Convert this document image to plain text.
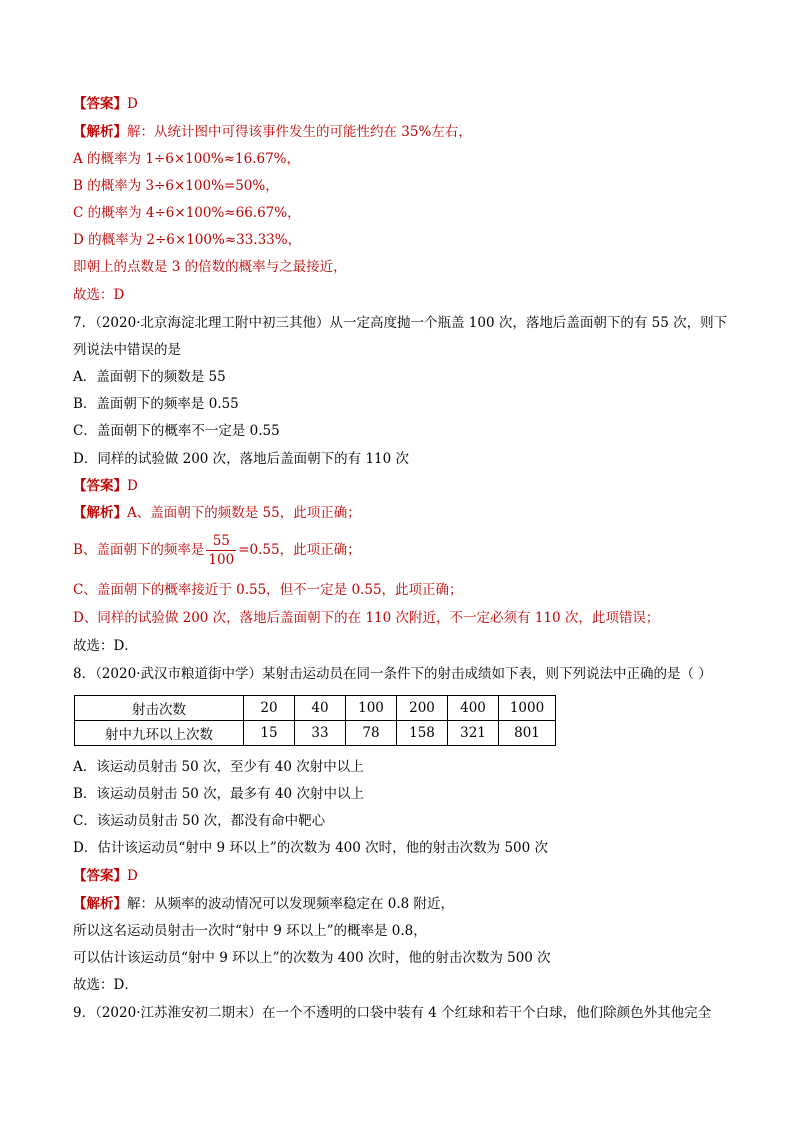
【答案】D
【解析】解：从统计图中可得该事件发生的可能性约在 35%左右，
A 的概率为 1÷6×100%≈16.67%，
B 的概率为 3÷6×100%=50%，
C 的概率为 4÷6×100%≈66.67%，
D 的概率为 2÷6×100%≈33.33%，
即朝上的点数是 3 的倍数的概率与之最接近，
故选：D
7．（2020·北京海淀北理工附中初三其他）从一定高度抛一个瓶盖 100 次，落地后盖面朝下的有 55 次，则下
列说法中错误的是
A．盖面朝下的频数是 55
B．盖面朝下的频率是 0.55
C．盖面朝下的概率不一定是 0.55
D．同样的试验做 200 次，落地后盖面朝下的有 110 次
【答案】D
【解析】A、盖面朝下的频数是 55，此项正确；
B、盖面朝下的频率是 $\frac{55}{100} =0.55$，此项正确；
C、盖面朝下的概率接近于 0.55，但不一定是 0.55，此项正确；
D、同样的试验做 200 次，落地后盖面朝下的在 110 次附近，不一定必须有 110 次，此项错误；
故选：D．
8．（2020·武汉市粮道街中学）某射击运动员在同一条件下的射击成绩如下表，则下列说法中正确的是（ ）
射击次数	20	40	100	200	400	1000
射中九环以上次数	15	33	78	158	321	801
A．该运动员射击 50 次，至少有 40 次射中以上
B．该运动员射击 50 次，最多有 40 次射中以上
C．该运动员射击 50 次，都没有命中靶心
D．估计该运动员“射中 9 环以上”的次数为 400 次时，他的射击次数为 500 次
【答案】D
【解析】解：从频率的波动情况可以发现频率稳定在 0.8 附近，
所以这名运动员射击一次时“射中 9 环以上”的概率是 0.8，
可以估计该运动员“射中 9 环以上”的次数为 400 次时，他的射击次数为 500 次
故选：D．
9．（2020·江苏淮安初二期末）在一个不透明的口袋中装有 4 个红球和若干个白球，他们除颜色外其他完全
